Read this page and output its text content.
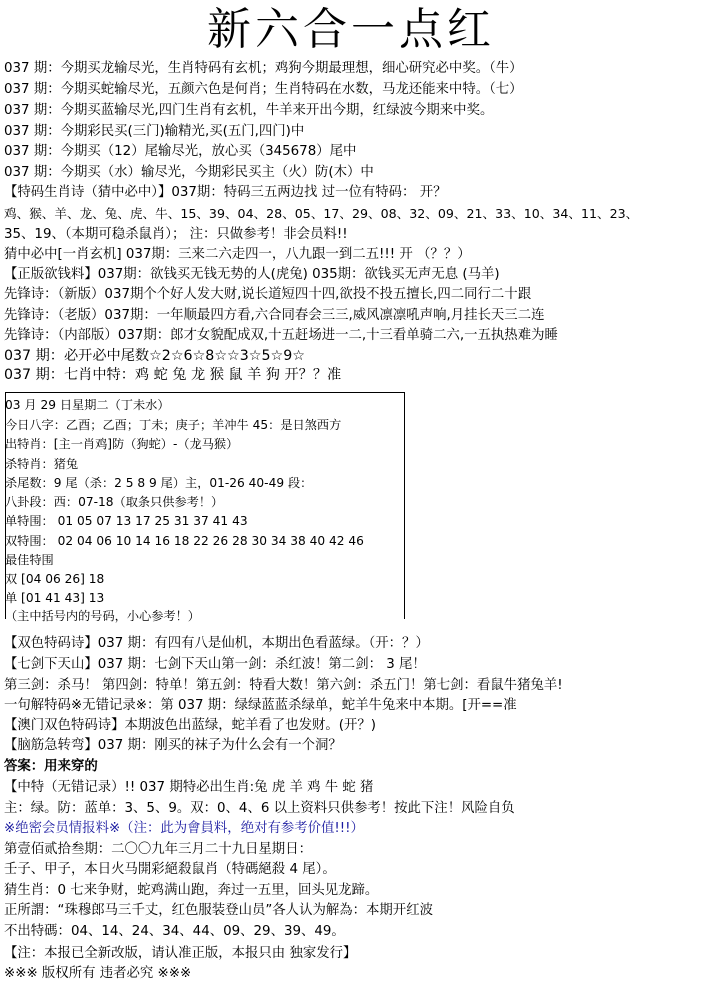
新六合一点红
037 期：今期买龙输尽光，生肖特码有玄机；鸡狗今期最理想，细心研究必中奖。（牛）
037 期：今期买蛇输尽光，五颜六色是何肖；生肖特码在水数，马龙还能来中特。（七）
037 期：今期买蓝输尽光,四门生肖有玄机，牛羊来开出今期，红绿波今期来中奖。
037 期：今期彩民买(三门)输精光,买(五门,四门)中
037 期：今期买（12）尾输尽光，放心买（345678）尾中
037 期：今期买（水）输尽光，今期彩民买主（火）防(木）中
【特码生肖诗（猜中必中）】037期：特码三五两边找 过一位有特码： 开？
鸡、猴、羊、龙、兔、虎、牛、15、39、04、28、05、17、29、08、32、09、21、33、10、34、11、23、
35、19、（本期可稳杀鼠肖）； 注：只做参考！非会员料!!
猜中必中[一肖玄机] 037期：三来二六走四一，八九跟一到二五!!! 开 （？？）
【正版欲钱料】037期：欲钱买无钱无势的人(虎兔) 035期：欲钱买无声无息 (马羊)
先锋诗：（新版）037期个个好人发大财,说长道短四十四,欲投不投五擅长,四二同行二十跟
先锋诗：（老版）037期：一年顺最四方看,六合同春会三三,威风凛凛吼声响,月挂长天三二连
先锋诗：（内部版）037期：郎才女貌配成双,十五赶场进一二,十三看单骑二六,一五执热难为睡
037 期：必开必中尾数☆2☆6☆8☆☆3☆5☆9☆
037 期：七肖中特：鸡 蛇 兔 龙 猴 鼠 羊 狗 开？？准
03 月 29 日星期二（丁未水）
今日八字：乙酉；乙酉；丁未；庚子；羊冲牛 45：是日煞西方
出特肖：[主一肖鸡]防（狗蛇）-（龙马猴）
杀特肖：猪兔
杀尾数：9 尾（杀：2 5 8 9 尾）主，01-26 40-49 段：
八卦段：西：07-18（取条只供参考！）
单特围： 01 05 07 13 17 25 31 37 41 43
双特围： 02 04 06 10 14 16 18 22 26 28 30 34 38 40 42 46
最佳特围
双 [04 06 26] 18
单 [01 41 43] 13
（主中括号内的号码，小心参考！）
【双色特码诗】037 期：有四有八是仙机，本期出色看蓝绿。（开：？）
【七剑下天山】037 期：七剑下天山第一剑：杀红波！第二剑： 3 尾！
第三剑：杀马！ 第四剑：特单！第五剑：特看大数！第六剑：杀五门！第七剑：看鼠牛猪兔羊!
一句解特码※无错记录※：第 037 期：绿绿蓝蓝杀绿单，蛇羊牛兔来中本期。[开==准
【澳门双色特码诗】本期波色出蓝绿，蛇羊看了也发财。(开？)
【脑筋急转弯】037 期：刚买的袜子为什么会有一个洞？
答案：用来穿的
【中特（无错记录）!! 037 期特必出生肖:兔 虎 羊 鸡 牛 蛇 猪
主：绿。防：蓝单：3、5、9。双：0、4、6 以上资料只供参考！按此下注！风险自负
※绝密会员情报料※（注：此为會員料，绝对有参考价值!!!）
第壹佰贰拾叁期：二〇〇九年三月二十九日星期日：
壬子、甲子，本日火马開彩絕殺鼠肖（特碼絕殺 4 尾）。
猜生肖：0 七来争财，蛇鸡满山跑，奔过一五里，回头见龙蹄。
正所謂：“珠穆郎马三千丈，红色服装登山员”各人认为解為：本期开红波
不出特碼：04、14、24、34、44、09、29、39、49。
【注：本报已全新改版，请认准正版，本报只由 独家发行】
※※※ 版权所有 违者必究 ※※※
